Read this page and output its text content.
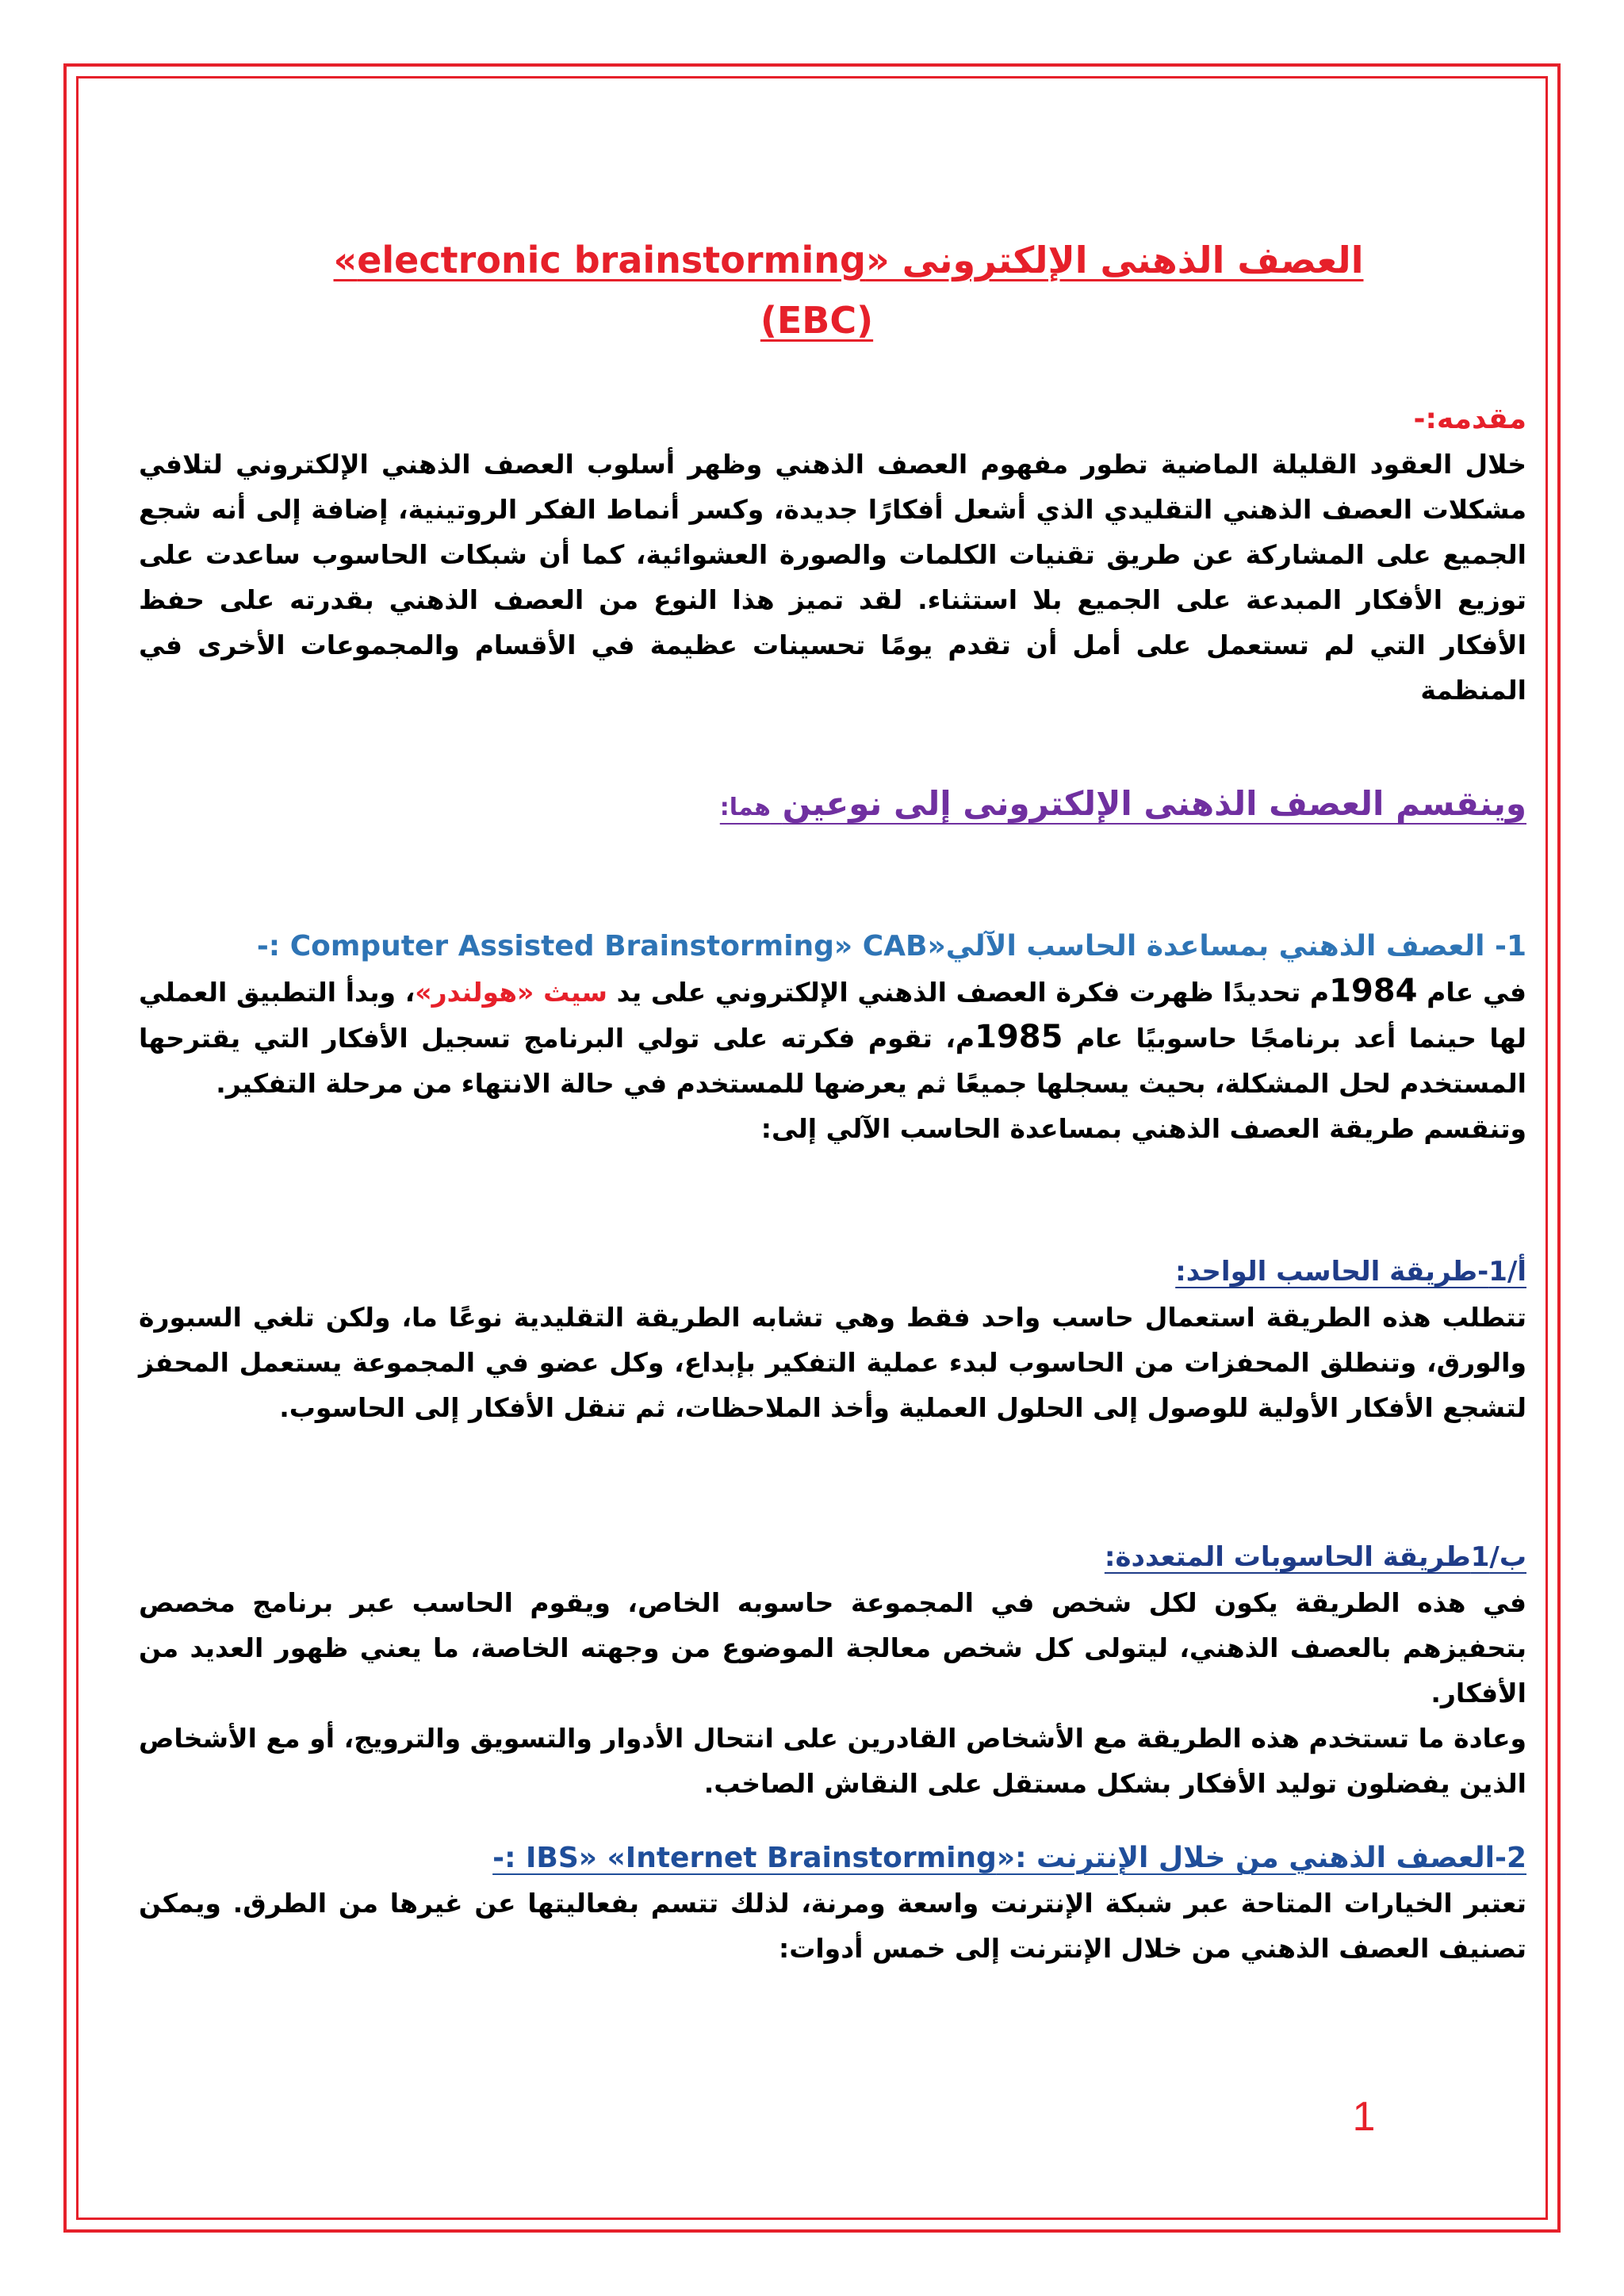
العصف الذهنى الإلكترونى «electronic brainstorming»
(EBC)
مقدمه:-
خلال العقود القليلة الماضية تطور مفهوم العصف الذهني وظهر أسلوب العصف الذهني الإلكتروني لتلافي مشكلات العصف الذهني التقليدي الذي أشعل أفكارًا جديدة، وكسر أنماط الفكر الروتينية، إضافة إلى أنه شجع الجميع على المشاركة عن طريق تقنيات الكلمات والصورة العشوائية، كما أن شبكات الحاسوب ساعدت على توزيع الأفكار المبدعة على الجميع بلا استثناء. لقد تميز هذا النوع من العصف الذهني بقدرته على حفظ الأفكار التي لم تستعمل على أمل أن تقدم يومًا تحسينات عظيمة في الأقسام والمجموعات الأخرى في المنظمة
وينقسم العصف الذهنى الإلكترونى إلى نوعين هما:
1- العصف الذهني بمساعدة الحاسب الآلي«Computer Assisted Brainstorming» CAB :-
في عام 1984م تحديدًا ظهرت فكرة العصف الذهني الإلكتروني على يد سيث «هولندر»، وبدأ التطبيق العملي لها حينما أعد برنامجًا حاسوبيًا عام 1985م، تقوم فكرته على تولي البرنامج تسجيل الأفكار التي يقترحها المستخدم لحل المشكلة، بحيث يسجلها جميعًا ثم يعرضها للمستخدم في حالة الانتهاء من مرحلة التفكير.
وتنقسم طريقة العصف الذهني بمساعدة الحاسب الآلي إلى:
أ/1-طريقة الحاسب الواحد:
تتطلب هذه الطريقة استعمال حاسب واحد فقط وهي تشابه الطريقة التقليدية نوعًا ما، ولكن تلغي السبورة والورق، وتنطلق المحفزات من الحاسوب لبدء عملية التفكير بإبداع، وكل عضو في المجموعة يستعمل المحفز لتشجع الأفكار الأولية للوصول إلى الحلول العملية وأخذ الملاحظات، ثم تنقل الأفكار إلى الحاسوب.
ب/1طريقة الحاسوبات المتعددة:
في هذه الطريقة يكون لكل شخص في المجموعة حاسوبه الخاص، ويقوم الحاسب عبر برنامج مخصص بتحفيزهم بالعصف الذهني، ليتولى كل شخص معالجة الموضوع من وجهته الخاصة، ما يعني ظهور العديد من الأفكار.
وعادة ما تستخدم هذه الطريقة مع الأشخاص القادرين على انتحال الأدوار والتسويق والترويج، أو مع الأشخاص الذين يفضلون توليد الأفكار بشكل مستقل على النقاش الصاخب.
2-العصف الذهني من خلال الإنترنت :«IBS» «Internet Brainstorming :-
تعتبر الخيارات المتاحة عبر شبكة الإنترنت واسعة ومرنة، لذلك تتسم بفعاليتها عن غيرها من الطرق. ويمكن تصنيف العصف الذهني من خلال الإنترنت إلى خمس أدوات:
1
